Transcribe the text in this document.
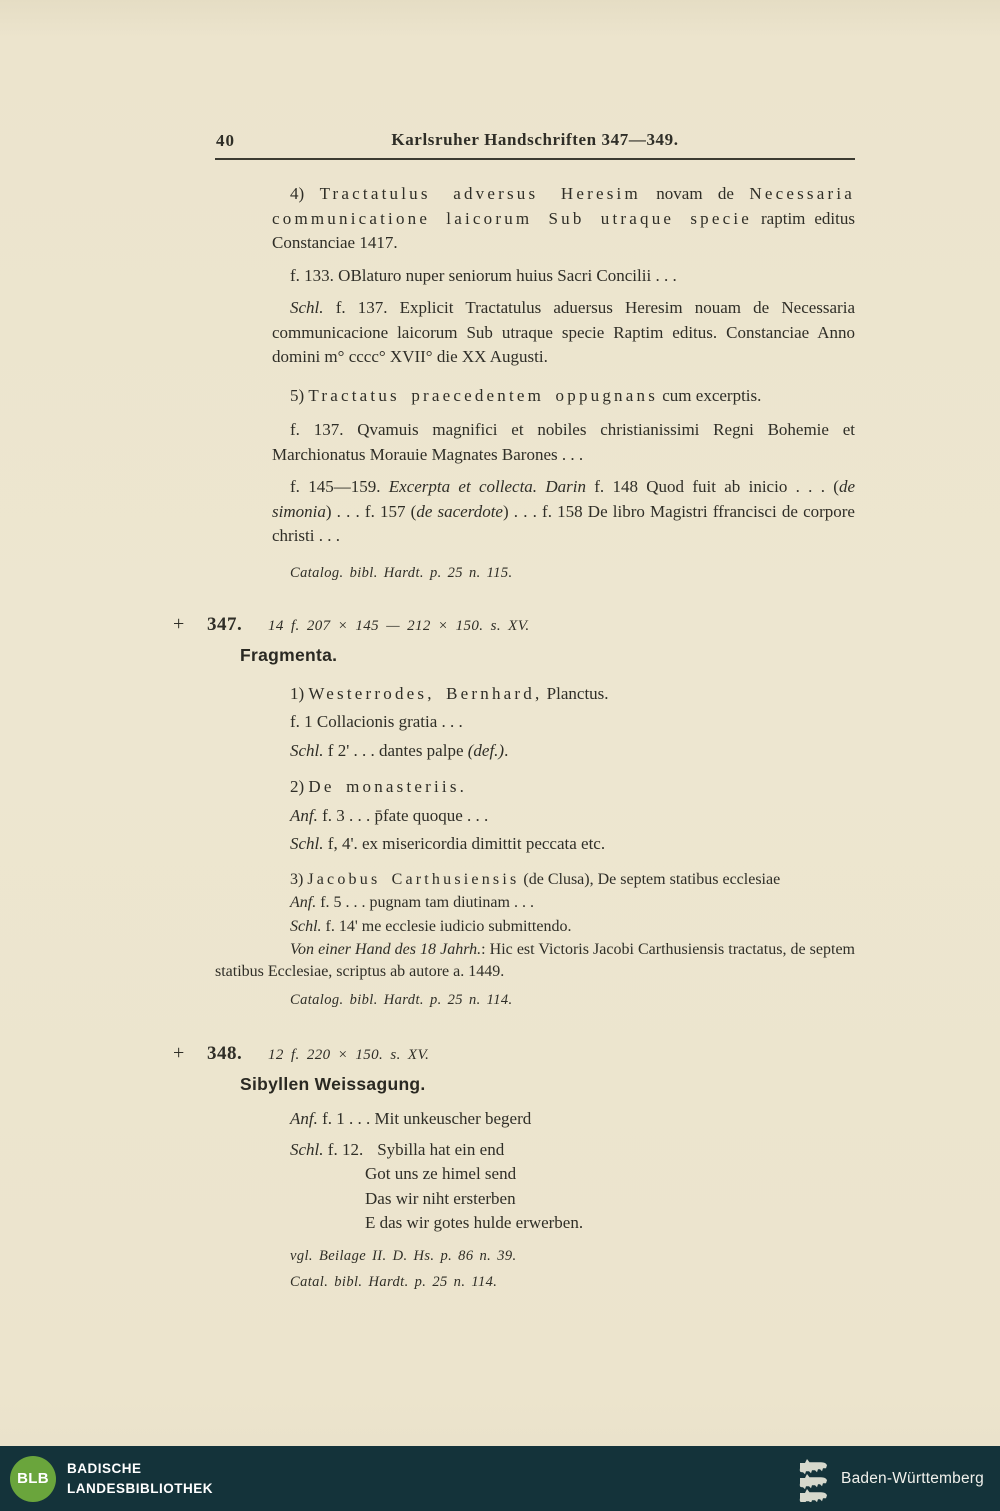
40	Karlsruher Handschriften 347—349.

4) Tractatulus adversus Heresim novam de Necessaria communicatione laicorum Sub utraque specie raptim editus Constanciae 1417.

f. 133. OBlaturo nuper seniorum huius Sacri Concilii . . .

Schl. f. 137. Explicit Tractatulus aduersus Heresim nouam de Necessaria communicacione laicorum Sub utraque specie Raptim editus. Constanciae Anno domini m° cccc° XVII° die XX Augusti.

5) Tractatus praecedentem oppugnans cum excerptis.

f. 137. Qvamuis magnifici et nobiles christianissimi Regni Bohemie et Marchionatus Morauie Magnates Barones . . .

f. 145—159. Excerpta et collecta. Darin f. 148 Quod fuit ab inicio . . . (de simonia) . . . f. 157 (de sacerdote) . . . f. 158 De libro Magistri ffrancisci de corpore christi . . .

Catalog. bibl. Hardt. p. 25 n. 115.

+	347.	14 f. 207 × 145 — 212 × 150. s. XV.
Fragmenta.

1) Westerrodes, Bernhard, Planctus.

f. 1 Collacionis gratia . . .

Schl. f 2' . . . dantes palpe (def.).

2) De monasteriis.

Anf. f. 3 . . . p̄fate quoque . . .

Schl. f, 4'. ex misericordia dimittit peccata etc.

3) Jacobus Carthusiensis (de Clusa), De septem statibus ecclesiae

Anf. f. 5 . . . pugnam tam diutinam . . .

Schl. f. 14' me ecclesie iudicio submittendo.

Von einer Hand des 18 Jahrh.: Hic est Victoris Jacobi Carthusiensis tractatus, de septem statibus Ecclesiae, scriptus ab autore a. 1449.

Catalog. bibl. Hardt. p. 25 n. 114.

+	348.	12 f. 220 × 150. s. XV.
Sibyllen Weissagung.

Anf. f. 1 . . . Mit unkeuscher begerd

Schl. f. 12. Sybilla hat ein end

Got uns ze himel send

Das wir niht ersterben

E das wir gotes hulde erwerben.

vgl. Beilage II. D. Hs. p. 86 n. 39.

Catal. bibl. Hardt. p. 25 n. 114.

BLB
BADISCHE
LANDESBIBLIOTHEK
Baden-Württemberg
